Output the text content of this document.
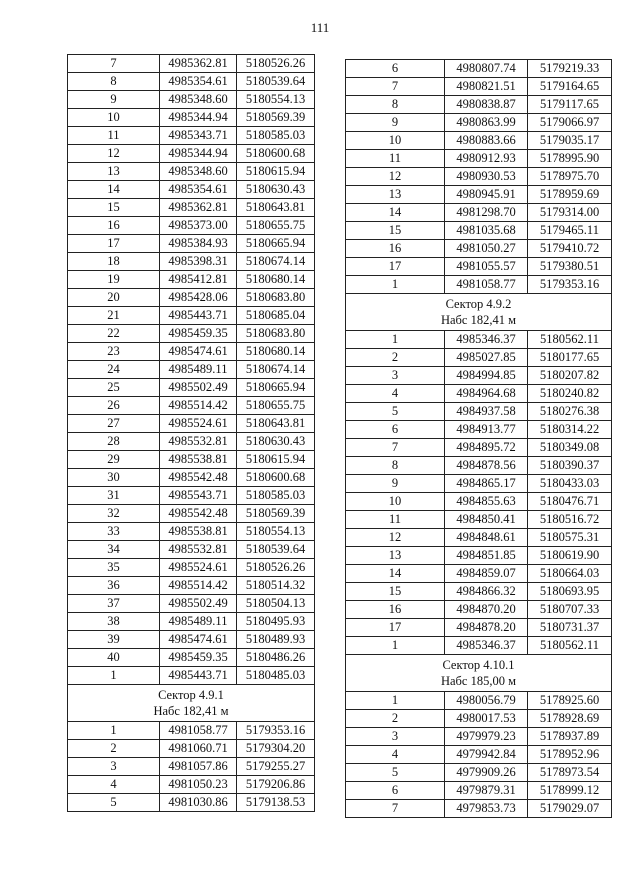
111
7	4985362.81	5180526.26
8	4985354.61	5180539.64
9	4985348.60	5180554.13
10	4985344.94	5180569.39
11	4985343.71	5180585.03
12	4985344.94	5180600.68
13	4985348.60	5180615.94
14	4985354.61	5180630.43
15	4985362.81	5180643.81
16	4985373.00	5180655.75
17	4985384.93	5180665.94
18	4985398.31	5180674.14
19	4985412.81	5180680.14
20	4985428.06	5180683.80
21	4985443.71	5180685.04
22	4985459.35	5180683.80
23	4985474.61	5180680.14
24	4985489.11	5180674.14
25	4985502.49	5180665.94
26	4985514.42	5180655.75
27	4985524.61	5180643.81
28	4985532.81	5180630.43
29	4985538.81	5180615.94
30	4985542.48	5180600.68
31	4985543.71	5180585.03
32	4985542.48	5180569.39
33	4985538.81	5180554.13
34	4985532.81	5180539.64
35	4985524.61	5180526.26
36	4985514.42	5180514.32
37	4985502.49	5180504.13
38	4985489.11	5180495.93
39	4985474.61	5180489.93
40	4985459.35	5180486.26
1	4985443.71	5180485.03

Сектор 4.9.1
Набс 182,41 м		

1	4981058.77	5179353.16
2	4981060.71	5179304.20
3	4981057.86	5179255.27
4	4981050.23	5179206.86
5	4981030.86	5179138.53
6	4980807.74	5179219.33
7	4980821.51	5179164.65
8	4980838.87	5179117.65
9	4980863.99	5179066.97
10	4980883.66	5179035.17
11	4980912.93	5178995.90
12	4980930.53	5178975.70
13	4980945.91	5178959.69
14	4981298.70	5179314.00
15	4981035.68	5179465.11
16	4981050.27	5179410.72
17	4981055.57	5179380.51
1	4981058.77	5179353.16

Сектор 4.9.2
Набс 182,41 м		

1	4985346.37	5180562.11
2	4985027.85	5180177.65
3	4984994.85	5180207.82
4	4984964.68	5180240.82
5	4984937.58	5180276.38
6	4984913.77	5180314.22
7	4984895.72	5180349.08
8	4984878.56	5180390.37
9	4984865.17	5180433.03
10	4984855.63	5180476.71
11	4984850.41	5180516.72
12	4984848.61	5180575.31
13	4984851.85	5180619.90
14	4984859.07	5180664.03
15	4984866.32	5180693.95
16	4984870.20	5180707.33
17	4984878.20	5180731.37
1	4985346.37	5180562.11

Сектор 4.10.1
Набс 185,00 м		

1	4980056.79	5178925.60
2	4980017.53	5178928.69
3	4979979.23	5178937.89
4	4979942.84	5178952.96
5	4979909.26	5178973.54
6	4979879.31	5178999.12
7	4979853.73	5179029.07
